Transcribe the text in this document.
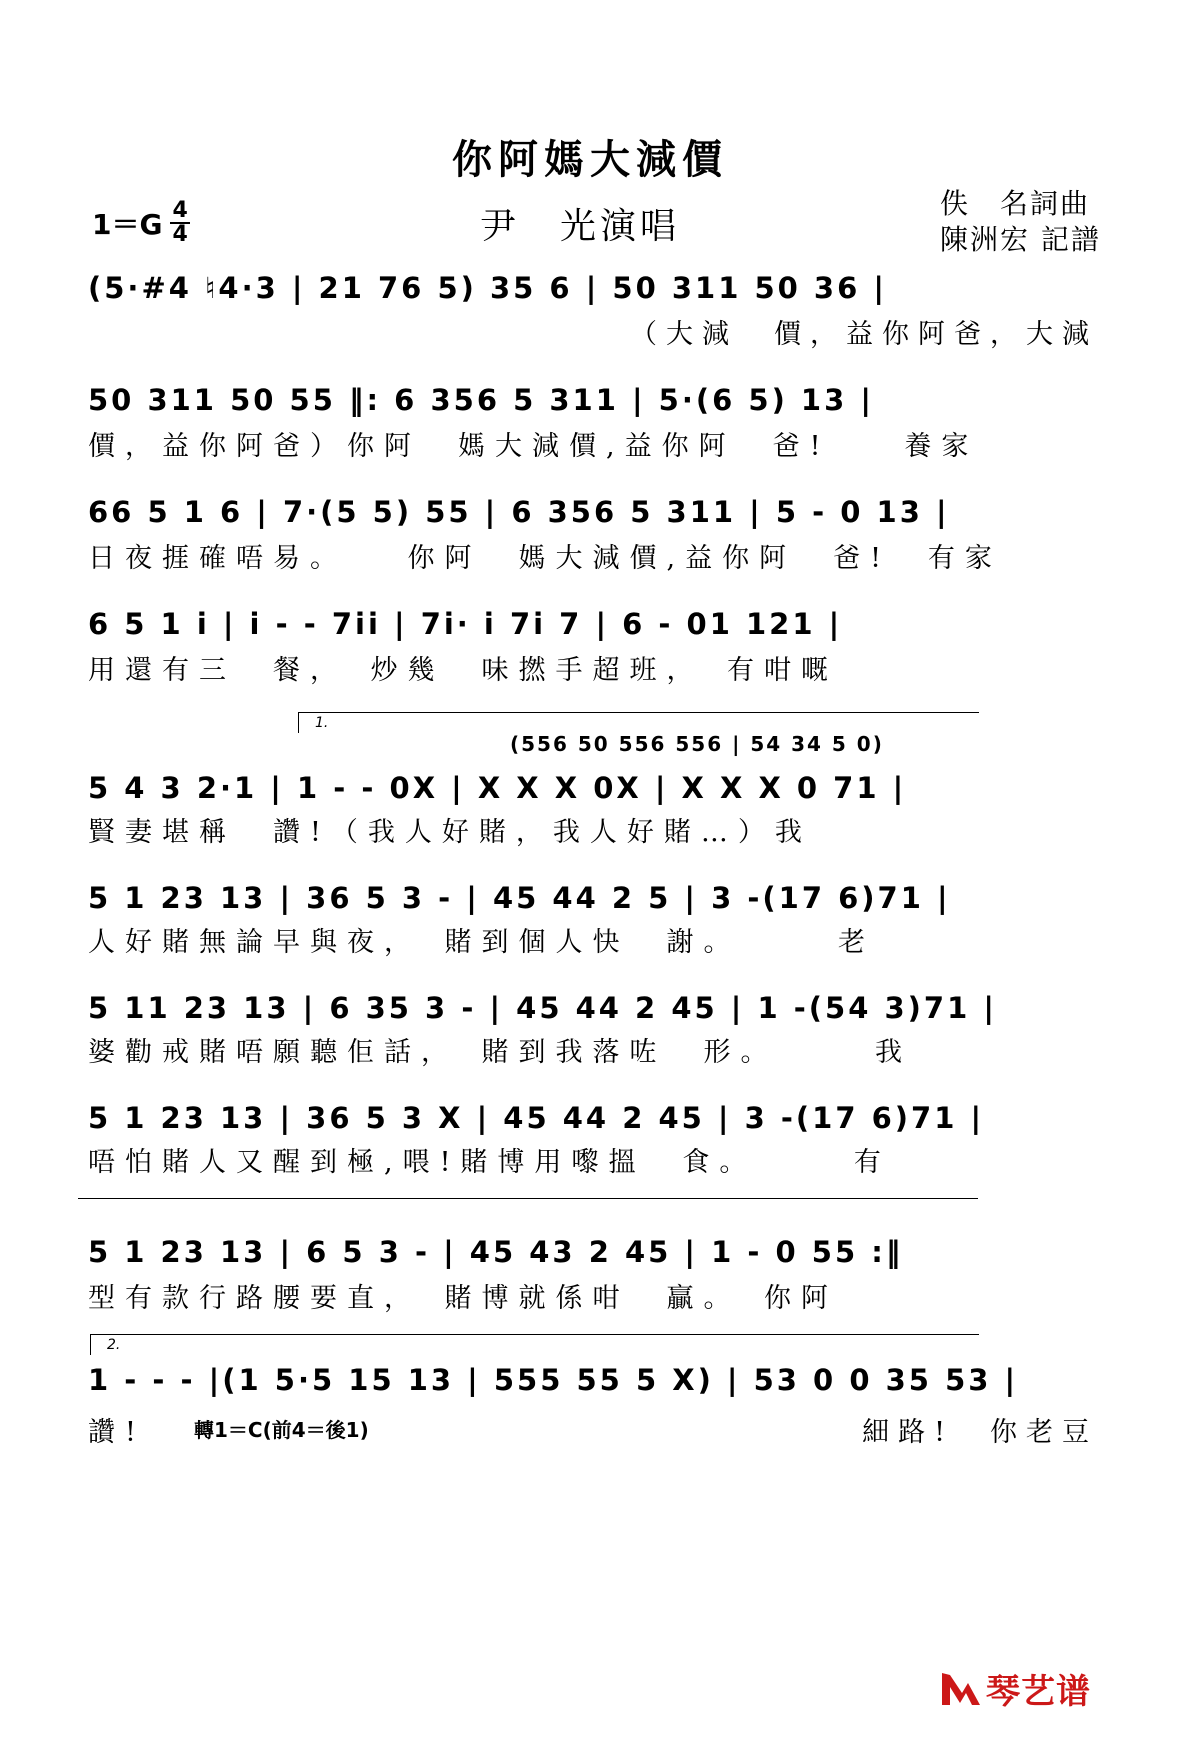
你阿媽大減價
$1=G \frac{4}{4}$	尹　光演唱
佚　名詞曲
陳洲宏 記譜
(5·#4 ♮4·3 | 21 76 5) 35 6 | 50 311 50 36 |
（大減　價，益你阿爸，大減
50 311 50 55 ‖: 6 356 5 311 | 5·(6 5) 13 |
價，益你阿爸）你阿　媽大減價,益你阿　爸!　　養家
66 5 1 6 | 7·(5 5) 55 | 6 356 5 311 | 5 - 0 13 |
日夜捱確唔易。　　你阿　媽大減價,益你阿　爸!　有家
6 5 1 i | i - - 7ii | 7i· i 7i 7 | 6 - 01 121 |
用還有三　餐，　炒幾　味撚手超班，　有咁嘅
1.
(556 50 556 556 | 54 34 5 0)
5 4 3 2·1 | 1 - - 0X | X X X 0X | X X X 0 71 |
賢妻堪稱　讚!（我人好賭，我人好賭…）我
5 1 23 13 | 36 5 3 - | 45 44 2 5 | 3 -(17 6)71 |
人好賭無論早與夜，　賭到個人快　謝。　　　老
5 11 23 13 | 6 35 3 - | 45 44 2 45 | 1 -(54 3)71 |
婆勸戒賭唔願聽佢話，　賭到我落咗　形。　　　我
5 1 23 13 | 36 5 3 X | 45 44 2 45 | 3 -(17 6)71 |
唔怕賭人又醒到極,喂!賭博用嚟搵　食。　　　有
5 1 23 13 | 6 5 3 - | 45 43 2 45 | 1 - 0 55 :‖
型有款行路腰要直，　賭博就係咁　贏。　你阿
2.
1 - - - |(1 5·5 15 13 | 555 55 5 X) | 53 0 0 35 53 |
讚!	細路!　你老豆
轉1＝C(前4＝後1)
琴艺谱
